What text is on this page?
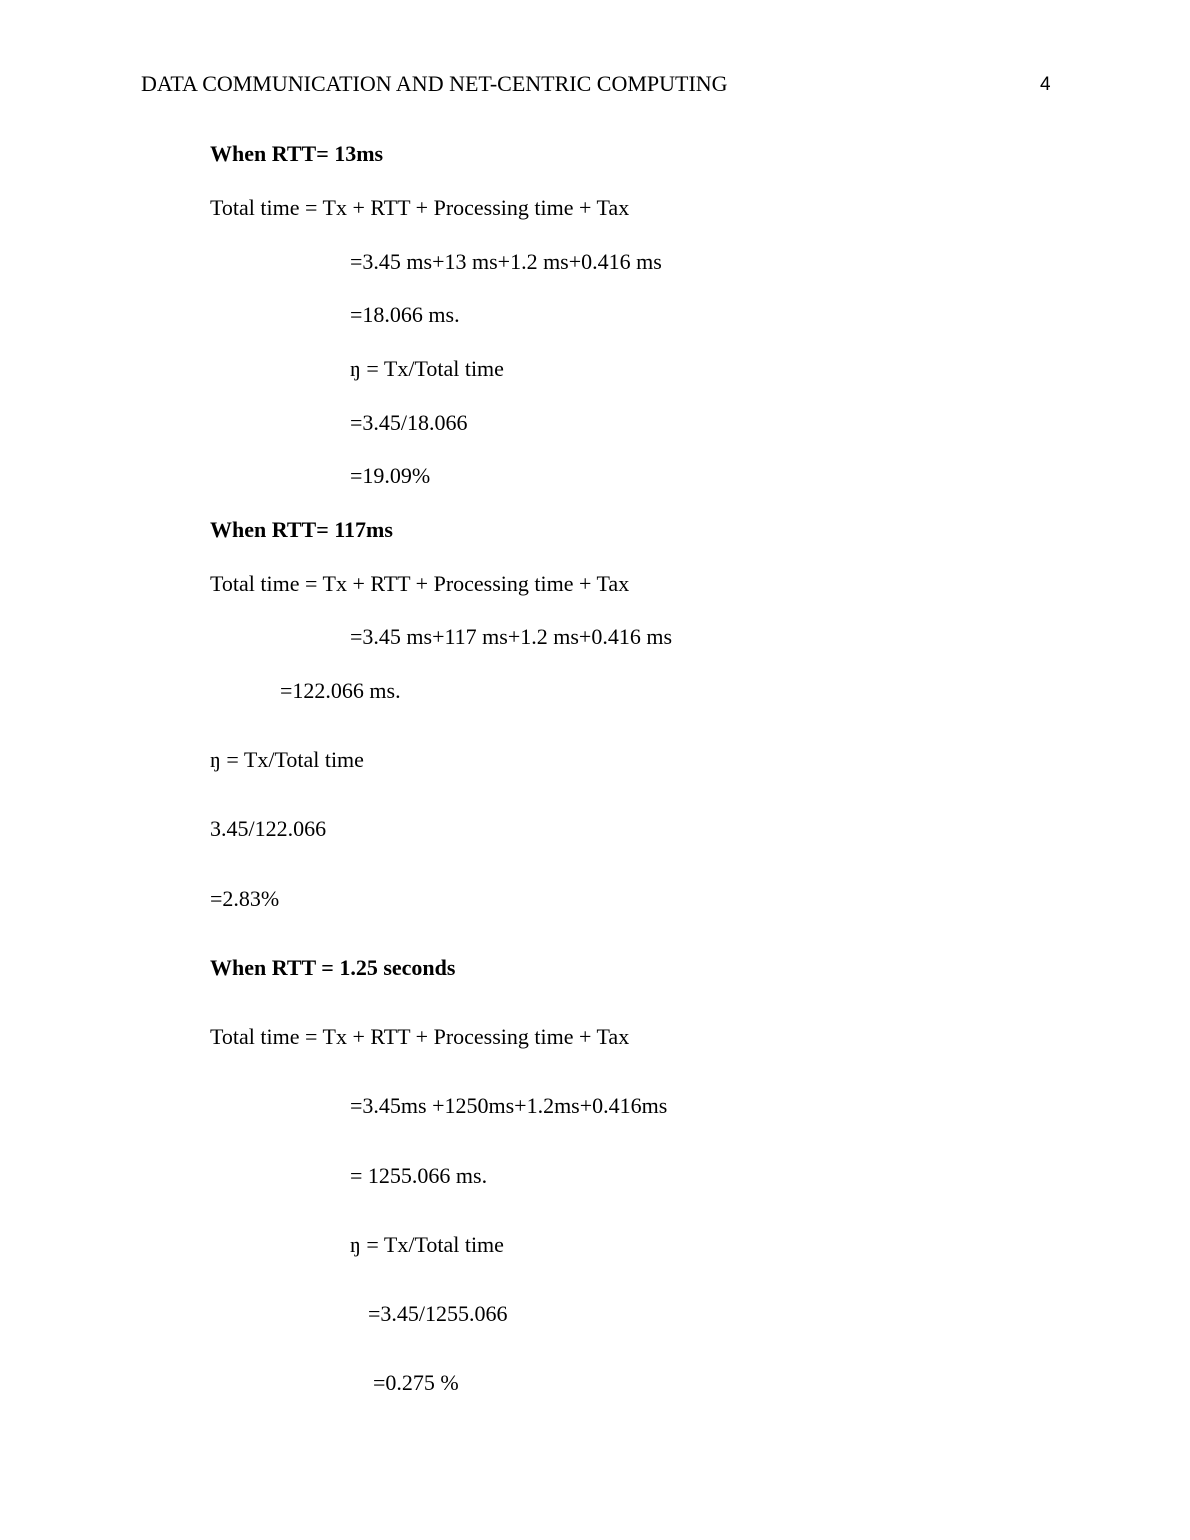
DATA COMMUNICATION AND NET-CENTRIC COMPUTING	4
When RTT= 13ms
Total time = Tx + RTT + Processing time + Tax
=3.45 ms+13 ms+1.2 ms+0.416 ms
=18.066 ms.
ŋ = Tx/Total time
=3.45/18.066
=19.09%
When RTT= 117ms
Total time = Tx + RTT + Processing time + Tax
=3.45 ms+117 ms+1.2 ms+0.416 ms
=122.066 ms.
ŋ = Tx/Total time
3.45/122.066
=2.83%
When RTT = 1.25 seconds
Total time = Tx + RTT + Processing time + Tax
=3.45ms +1250ms+1.2ms+0.416ms
= 1255.066 ms.
ŋ = Tx/Total time
=3.45/1255.066
=0.275 %
